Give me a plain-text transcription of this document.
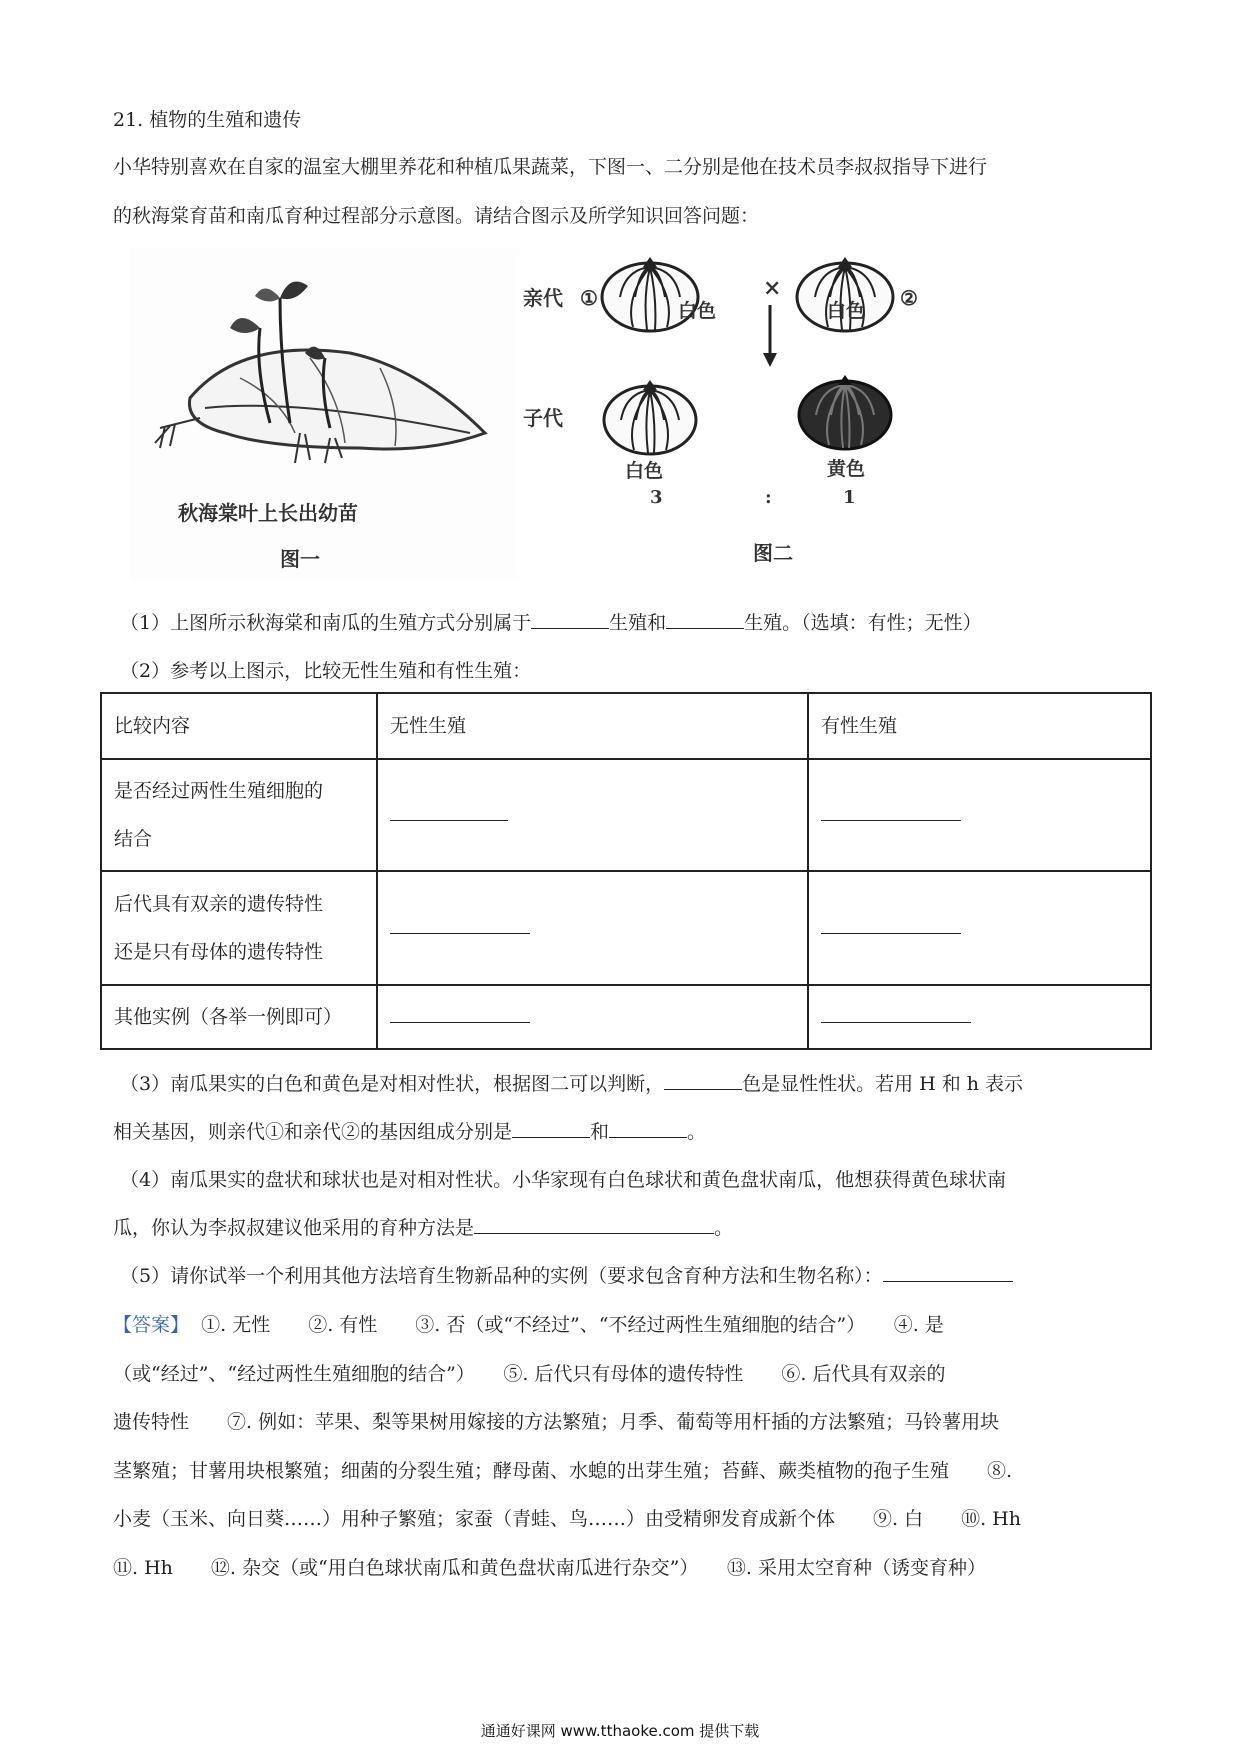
21. 植物的生殖和遗传
小华特别喜欢在自家的温室大棚里养花和种植瓜果蔬菜，下图一、二分别是他在技术员李叔叔指导下进行
的秋海棠育苗和南瓜育种过程部分示意图。请结合图示及所学知识回答问题：
秋海棠叶上长出幼苗
图一
亲代 ①
白色
×	②
白色
子代
白色	黄色
3	:	1
图二
（1）上图所示秋海棠和南瓜的生殖方式分别属于	生殖和	生殖。（选填：有性；无性）
（2）参考以上图示，比较无性生殖和有性生殖：
比较内容	无性生殖	有性生殖

是否经过两性生殖细胞的
结合		

后代具有双亲的遗传特性
还是只有母体的遗传特性		

其他实例（各举一例即可）		
（3）南瓜果实的白色和黄色是对相对性状，根据图二可以判断，	色是显性性状。若用 H 和 h 表示
相关基因，则亲代①和亲代②的基因组成分别是	和	。
（4）南瓜果实的盘状和球状也是对相对性状。小华家现有白色球状和黄色盘状南瓜，他想获得黄色球状南
瓜，你认为李叔叔建议他采用的育种方法是	。
（5）请你试举一个利用其他方法培育生物新品种的实例（要求包含育种方法和生物名称）：
【答案】 ①. 无性　　②. 有性　　③. 否（或“不经过”、“不经过两性生殖细胞的结合”）　　④. 是
（或“经过”、“经过两性生殖细胞的结合”）　　⑤. 后代只有母体的遗传特性　　⑥. 后代具有双亲的
遗传特性　　⑦. 例如：苹果、梨等果树用嫁接的方法繁殖；月季、葡萄等用杆插的方法繁殖；马铃薯用块
茎繁殖；甘薯用块根繁殖；细菌的分裂生殖；酵母菌、水螅的出芽生殖；苔藓、蕨类植物的孢子生殖　　⑧.
小麦（玉米、向日葵……）用种子繁殖；家蚕（青蛙、鸟……）由受精卵发育成新个体　　⑨. 白　　⑩. Hh
⑪. Hh　　⑫. 杂交（或“用白色球状南瓜和黄色盘状南瓜进行杂交”）　　⑬. 采用太空育种（诱变育种）
通通好课网 www.tthaoke.com 提供下载
